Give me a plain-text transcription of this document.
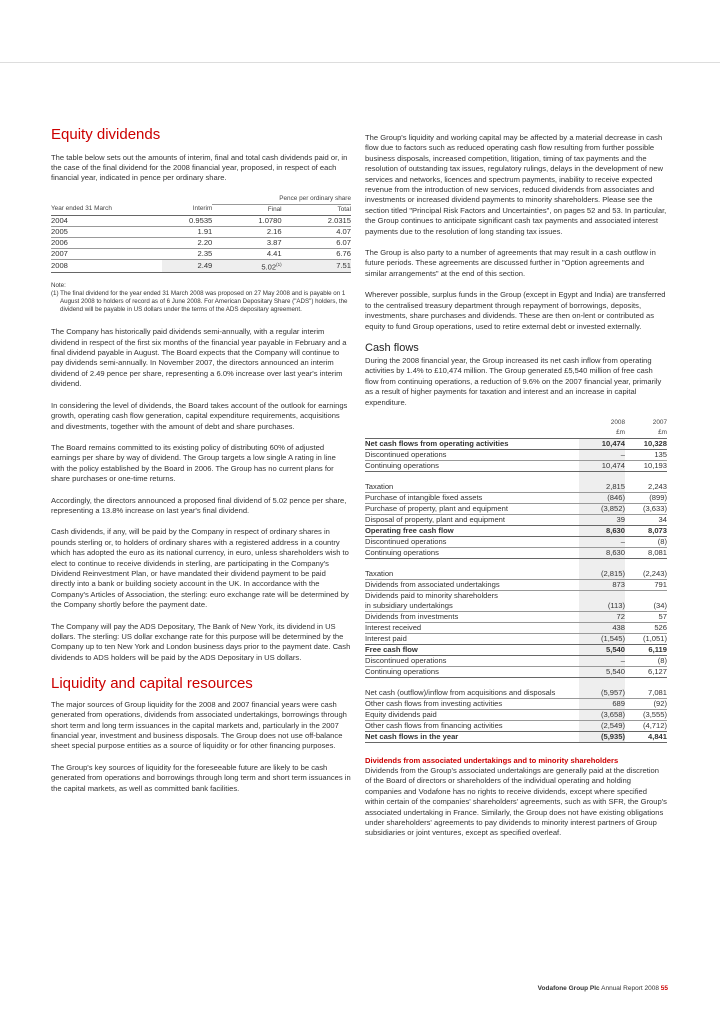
Equity dividends

The table below sets out the amounts of interim, final and total cash dividends paid or, in the case of the final dividend for the 2008 financial year, proposed, in respect of each financial year, indicated in pence per ordinary share.

		Pence per ordinary share	
Year ended 31 March	Interim	Final	Total
2004	0.9535	1.0780	2.0315
2005	1.91	2.16	4.07
2006	2.20	3.87	6.07
2007	2.35	4.41	6.76
2008	2.49	5.02$^{(1)}$	7.51
Note:
(1) The final dividend for the year ended 31 March 2008 was proposed on 27 May 2008 and is payable on 1 August 2008 to holders of record as of 6 June 2008. For American Depositary Share ("ADS") holders, the dividend will be payable in US dollars under the terms of the ADS depositary agreement.

The Company has historically paid dividends semi-annually, with a regular interim dividend in respect of the first six months of the financial year payable in February and a final dividend payable in August. The Board expects that the Company will continue to pay dividends semi-annually. In November 2007, the directors announced an interim dividend of 2.49 pence per share, representing a 6.0% increase over last year's interim dividend.

In considering the level of dividends, the Board takes account of the outlook for earnings growth, operating cash flow generation, capital expenditure requirements, acquisitions and divestments, together with the amount of debt and share purchases.

The Board remains committed to its existing policy of distributing 60% of adjusted earnings per share by way of dividend. The Group targets a low single A rating in line with the policy established by the Board in 2006. The Group has no current plans for share purchases or one-time returns.

Accordingly, the directors announced a proposed final dividend of 5.02 pence per share, representing a 13.8% increase on last year's final dividend.

Cash dividends, if any, will be paid by the Company in respect of ordinary shares in pounds sterling or, to holders of ordinary shares with a registered address in a country which has adopted the euro as its national currency, in euro, unless shareholders wish to elect to continue to receive dividends in sterling, are participating in the Company's Dividend Reinvestment Plan, or have mandated their dividend payment to be paid directly into a bank or building society account in the UK. In accordance with the Company's Articles of Association, the sterling: euro exchange rate will be determined by the Company shortly before the payment date.

The Company will pay the ADS Depositary, The Bank of New York, its dividend in US dollars. The sterling: US dollar exchange rate for this purpose will be determined by the Company up to ten New York and London business days prior to the payment date. Cash dividends to ADS holders will be paid by the ADS Depositary in US dollars.

Liquidity and capital resources

The major sources of Group liquidity for the 2008 and 2007 financial years were cash generated from operations, dividends from associated undertakings, borrowings through short term and long term issuances in the capital markets and, particularly in the 2007 financial year, investment and business disposals. The Group does not use off-balance sheet special purpose entities as a source of liquidity or for other financing purposes.

The Group's key sources of liquidity for the foreseeable future are likely to be cash generated from operations and borrowings through long term and short term issuances in the capital markets, as well as committed bank facilities.

The Group's liquidity and working capital may be affected by a material decrease in cash flow due to factors such as reduced operating cash flow resulting from further possible business disposals, increased competition, litigation, timing of tax payments and the resolution of outstanding tax issues, regulatory rulings, delays in the development of new services and networks, licences and spectrum payments, inability to receive expected revenue from the introduction of new services, reduced dividends from associates and investments or increased dividend payments to minority shareholders. Please see the section titled "Principal Risk Factors and Uncertainties", on pages 52 and 53. In particular, the Group continues to anticipate significant cash tax payments and associated interest payments due to the resolution of long standing tax issues.

The Group is also party to a number of agreements that may result in a cash outflow in future periods. These agreements are discussed further in "Option agreements and similar arrangements" at the end of this section.

Wherever possible, surplus funds in the Group (except in Egypt and India) are transferred to the centralised treasury department through repayment of borrowings, deposits, investments, share purchases and dividends. These are then on-lent or contributed as equity to fund Group operations, used to retire external debt or invested externally.

Cash flows

During the 2008 financial year, the Group increased its net cash inflow from operating activities by 1.4% to £10,474 million. The Group generated £5,540 million of free cash flow from continuing operations, a reduction of 9.6% on the 2007 financial year, primarily as a result of higher payments for taxation and interest and an increase in capital expenditure.

	2008	2007
	£m	£m
Net cash flows from operating activities	10,474	10,328
Discontinued operations	–	135
Continuing operations	10,474	10,193

Taxation	2,815	2,243
Purchase of intangible fixed assets	(846)	(899)
Purchase of property, plant and equipment	(3,852)	(3,633)
Disposal of property, plant and equipment	39	34
Operating free cash flow	8,630	8,073
Discontinued operations	–	(8)
Continuing operations	8,630	8,081

Taxation	(2,815)	(2,243)
Dividends from associated undertakings	873	791
Dividends paid to minority shareholders		
in subsidiary undertakings	(113)	(34)
Dividends from investments	72	57
Interest received	438	526
Interest paid	(1,545)	(1,051)
Free cash flow	5,540	6,119
Discontinued operations	–	(8)
Continuing operations	5,540	6,127

Net cash (outflow)/inflow from acquisitions and disposals	(5,957)	7,081
Other cash flows from investing activities	689	(92)
Equity dividends paid	(3,658)	(3,555)
Other cash flows from financing activities	(2,549)	(4,712)
Net cash flows in the year	(5,935)	4,841
Dividends from associated undertakings and to minority shareholders

Dividends from the Group's associated undertakings are generally paid at the discretion of the Board of directors or shareholders of the individual operating and holding companies and Vodafone has no rights to receive dividends, except where specified within certain of the companies' shareholders' agreements, such as with SFR, the Group's associated undertaking in France. Similarly, the Group does not have existing obligations under shareholders' agreements to pay dividends to minority interest partners of Group subsidiaries or joint ventures, except as specified overleaf.

Vodafone Group Plc Annual Report 2008 55
